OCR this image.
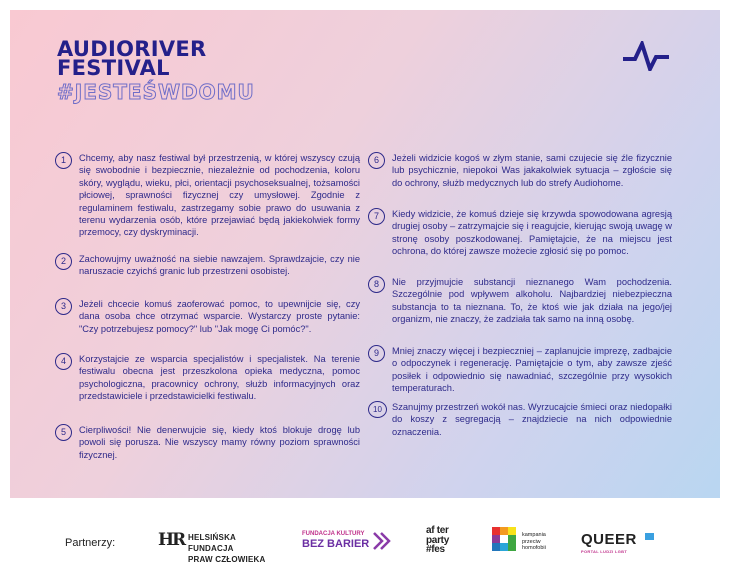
AUDIORIVER
FESTIVAL
#JESTEŚWDOMU
1	Chcemy, aby nasz festiwal był przestrzenią, w której wszyscy czują się swobodnie i bezpiecznie, niezależnie od pochodzenia, koloru skóry, wyglądu, wieku, płci, orientacji psychoseksualnej, tożsamości płciowej, sprawności fizycznej czy umysłowej. Zgodnie z regulaminem festiwalu, zastrzegamy sobie prawo do usuwania z terenu wydarzenia osób, które przejawiać będą jakiekolwiek formy przemocy, czy dyskryminacji.
2	Zachowujmy uważność na siebie nawzajem. Sprawdzajcie, czy nie naruszacie czyichś granic lub przestrzeni osobistej.
3	Jeżeli chcecie komuś zaoferować pomoc, to upewnijcie się, czy dana osoba chce otrzymać wsparcie. Wystarczy proste pytanie: "Czy potrzebujesz pomocy?" lub "Jak mogę Ci pomóc?".
4	Korzystajcie ze wsparcia specjalistów i specjalistek. Na terenie festiwalu obecna jest przeszkolona opieka medyczna, pomoc psychologiczna, pracownicy ochrony, służb informacyjnych oraz przedstawiciele i przedstawicielki festiwalu.
5	Cierpliwości! Nie denerwujcie się, kiedy ktoś blokuje drogę lub powoli się porusza. Nie wszyscy mamy równy poziom sprawności fizycznej.
6	Jeżeli widzicie kogoś w złym stanie, sami czujecie się źle fizycznie lub psychicznie, niepokoi Was jakakolwiek sytuacja – zgłoście się do ochrony, służb medycznych lub do strefy Audiohome.
7	Kiedy widzicie, że komuś dzieje się krzywda spowodowana agresją drugiej osoby – zatrzymajcie się i reagujcie, kierując swoją uwagę w stronę osoby poszkodowanej. Pamiętajcie, że na miejscu jest ochrona, do której zawsze możecie zgłosić się po pomoc.
8	Nie przyjmujcie substancji nieznanego Wam pochodzenia. Szczególnie pod wpływem alkoholu. Najbardziej niebezpieczna substancja to ta nieznana. To, że ktoś wie jak działa na jego/jej organizm, nie znaczy, że zadziała tak samo na inną osobę.
9	Mniej znaczy więcej i bezpieczniej – zaplanujcie imprezę, zadbajcie o odpoczynek i regenerację. Pamiętajcie o tym, aby zawsze zjeść posiłek i odpowiednio się nawadniać, szczególnie przy wysokich temperaturach.
10	Szanujmy przestrzeń wokół nas. Wyrzucajcie śmieci oraz niedopałki do koszy z segregacją – znajdziecie na nich odpowiednie oznaczenia.
Partnerzy:	HR HELSIŃSKA FUNDACJA
PRAW CZŁOWIEKA
FUNDACJA KULTURY
BEZ BARIER
af ter party #fes
kampania
przeciw
homofobii QUEER
PORTAL LUDZI LGBT
